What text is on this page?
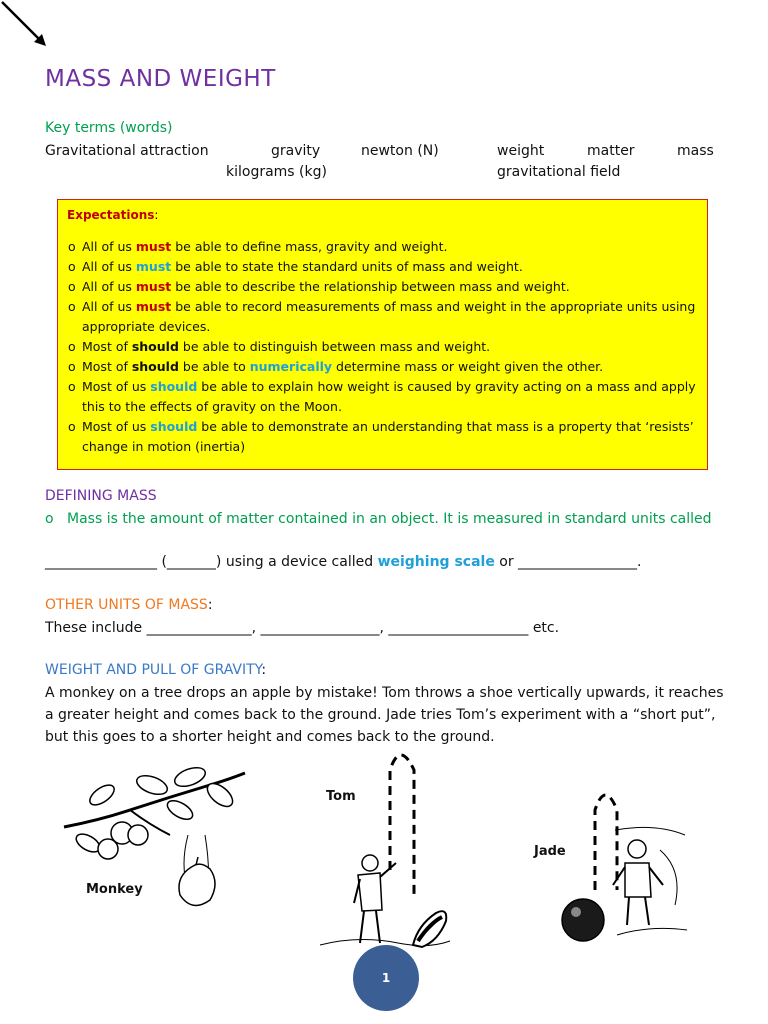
MASS AND WEIGHT
Key terms (words)
Gravitational attraction	gravity	newton (N)	weight	matter	mass
kilograms (kg)	gravitational field
Expectations:
o All of us must be able to define mass, gravity and weight.
o All of us must be able to state the standard units of mass and weight.
o All of us must be able to describe the relationship between mass and weight.
o All of us must be able to record measurements of mass and weight in the appropriate units using appropriate devices.
o Most of should be able to distinguish between mass and weight.
o Most of should be able to numerically determine mass or weight given the other.
o Most of us should be able to explain how weight is caused by gravity acting on a mass and apply this to the effects of gravity on the Moon.
o Most of us should be able to demonstrate an understanding that mass is a property that ‘resists’ change in motion (inertia)
DEFINING MASS
o Mass is the amount of matter contained in an object. It is measured in standard units called
________________ (_______) using a device called weighing scale or _________________.
OTHER UNITS OF MASS:
These include _______________, _________________, ____________________ etc.
WEIGHT AND PULL OF GRAVITY:
A monkey on a tree drops an apple by mistake! Tom throws a shoe vertically upwards, it reaches
a greater height and comes back to the ground. Jade tries Tom’s experiment with a “short put”,
but this goes to a shorter height and comes back to the ground.
Monkey
Tom
Jade
1
